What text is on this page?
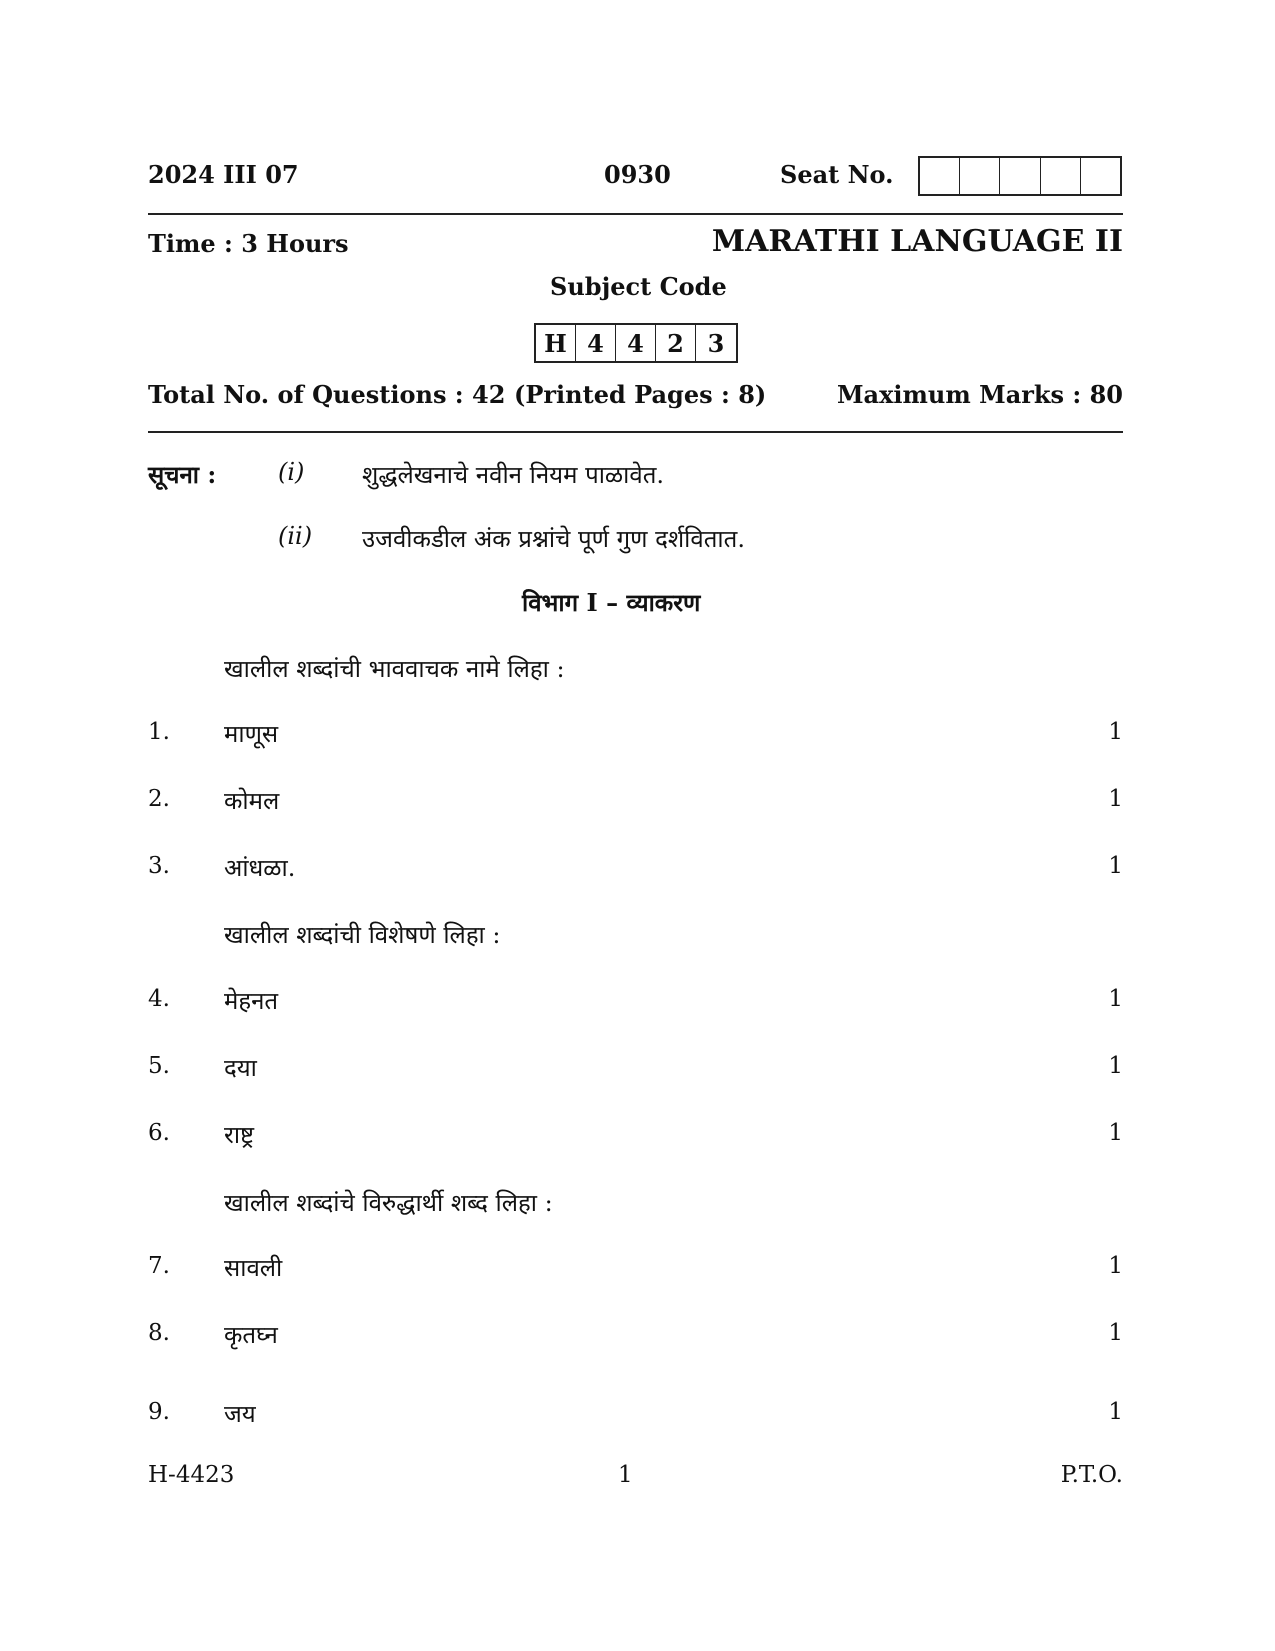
2024 III 07	0930	Seat No.
Time : 3 Hours	MARATHI LANGUAGE II
Subject Code
H 4 4 2 3
Total No. of Questions : 42 (Printed Pages : 8)	Maximum Marks : 80
सूचना :	(i) शुद्धलेखनाचे नवीन नियम पाळावेत.
(ii) उजवीकडील अंक प्रश्नांचे पूर्ण गुण दर्शवितात.
विभाग I – व्याकरण
खालील शब्दांची भाववाचक नामे लिहा :
1. माणूस	1
2. कोमल	1
3. आंधळा.	1
खालील शब्दांची विशेषणे लिहा :
4. मेहनत	1
5. दया	1
6. राष्ट्र	1
खालील शब्दांचे विरुद्धार्थी शब्द लिहा :
7. सावली	1
8. कृतघ्न	1
9. जय	1
H-4423	1	P.T.O.
